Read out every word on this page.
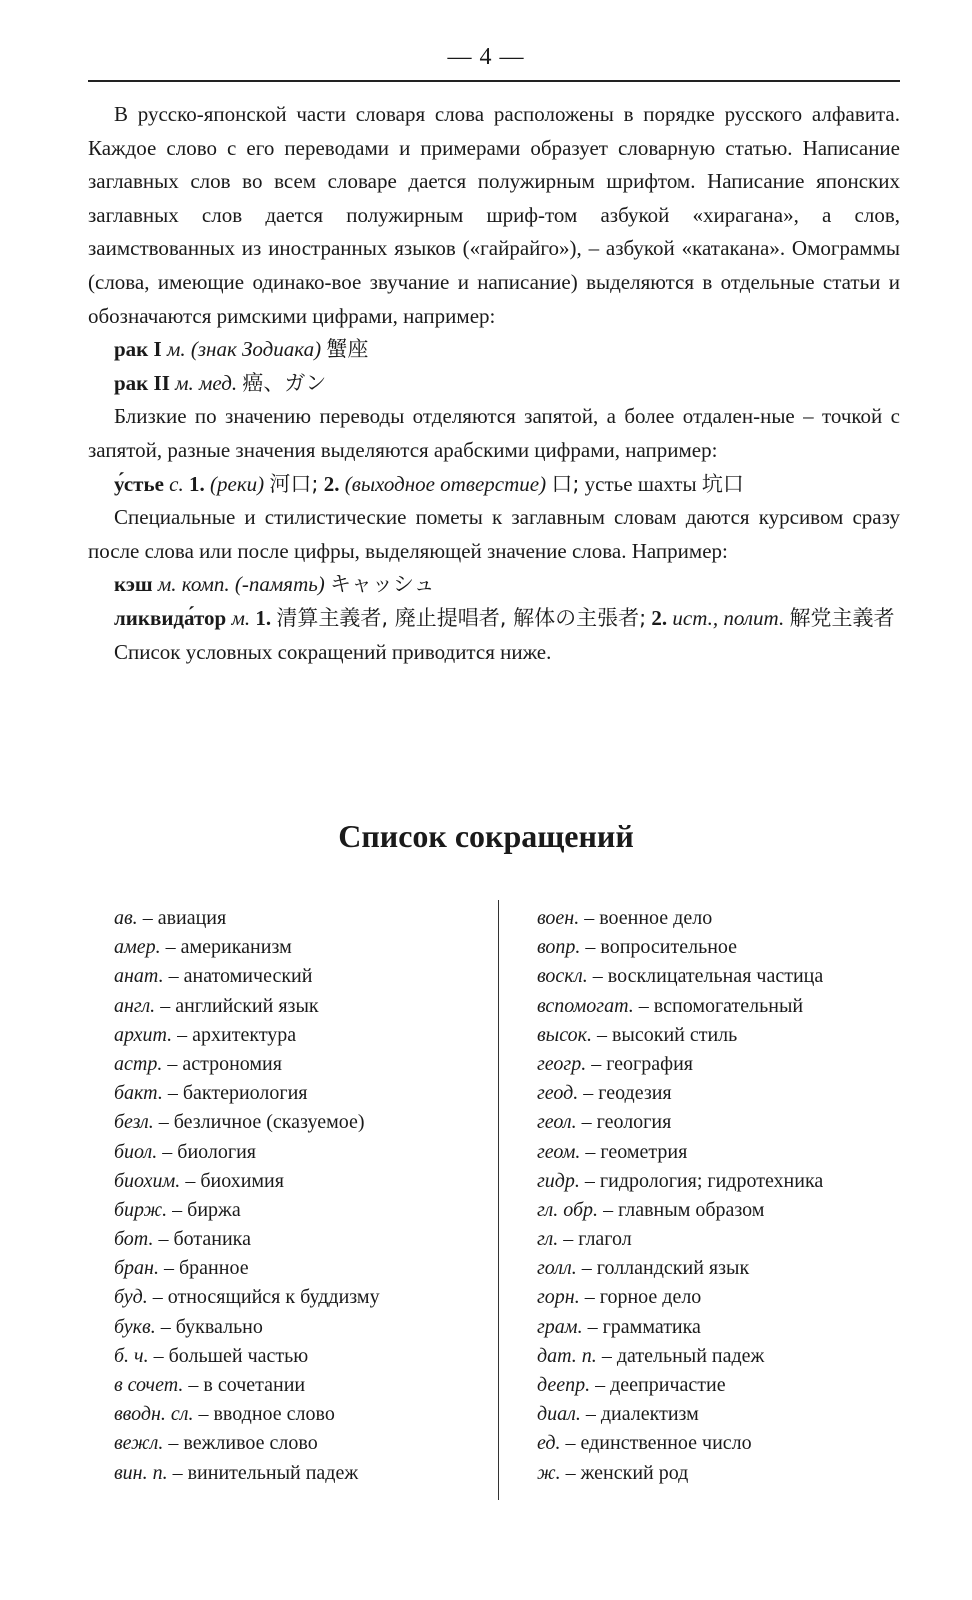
— 4 —

В русско-японской части словаря слова расположены в порядке русского алфавита. Каждое слово с его переводами и примерами образует словарную статью. Написание заглавных слов во всем словаре дается полужирным шрифтом. Написание японских заглавных слов дается полужирным шриф-том азбукой «хирагана», а слов, заимствованных из иностранных языков («гайрайго»), – азбукой «катакана». Омограммы (слова, имеющие одинако-вое звучание и написание) выделяются в отдельные статьи и обозначаются римскими цифрами, например:

рак I м. (знак Зодиака) 蟹座

рак II м. мед. 癌、ガン

Близкие по значению переводы отделяются запятой, а более отдален-ные – точкой с запятой, разные значения выделяются арабскими цифрами, например:

у́стье с. 1. (реки) 河口; 2. (выходное отверстие) 口; устье шахты 坑口

Специальные и стилистические пометы к заглавным словам даются курсивом сразу после слова или после цифры, выделяющей значение слова. Например:

кэш м. комп. (-память) キャッシュ

ликвида́тор м. 1. 清算主義者, 廃止提唱者, 解体の主張者; 2. ист., полит. 解党主義者

Список условных сокращений приводится ниже.

Список сокращений
ав. – авиация
амер. – американизм
анат. – анатомический
англ. – английский язык
архит. – архитектура
астр. – астрономия
бакт. – бактериология
безл. – безличное (сказуемое)
биол. – биология
биохим. – биохимия
бирж. – биржа
бот. – ботаника
бран. – бранное
буд. – относящийся к буддизму
букв. – буквально
б. ч. – большей частью
в сочет. – в сочетании
вводн. сл. – вводное слово
вежл. – вежливое слово
вин. п. – винительный падеж
воен. – военное дело
вопр. – вопросительное
воскл. – восклицательная частица
вспомогат. – вспомогательный
высок. – высокий стиль
геогр. – география
геод. – геодезия
геол. – геология
геом. – геометрия
гидр. – гидрология; гидротехника
гл. обр. – главным образом
гл. – глагол
голл. – голландский язык
горн. – горное дело
грам. – грамматика
дат. п. – дательный падеж
деепр. – деепричастие
диал. – диалектизм
ед. – единственное число
ж. – женский род
